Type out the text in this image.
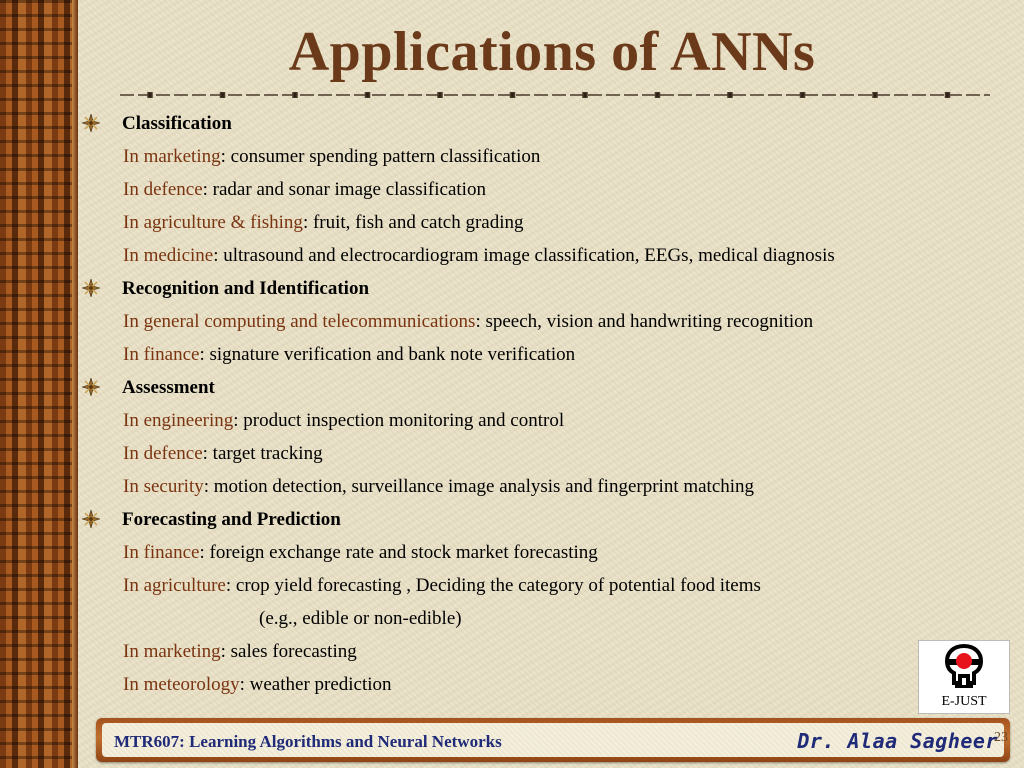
Applications of ANNs
Classification
In marketing: consumer spending pattern classification
In defence: radar and sonar image classification
In agriculture & fishing: fruit, fish and catch grading
In medicine: ultrasound and electrocardiogram image classification, EEGs, medical diagnosis
Recognition and Identification
In general computing and telecommunications: speech, vision and handwriting recognition
In finance: signature verification and bank note verification
Assessment
In engineering: product inspection monitoring and control
In defence: target tracking
In security: motion detection, surveillance image analysis and fingerprint matching
Forecasting and Prediction
In finance: foreign exchange rate and stock market forecasting
In agriculture: crop yield forecasting , Deciding the category of potential food items
(e.g., edible or non-edible)
In marketing: sales forecasting
In meteorology: weather prediction
E-JUST
MTR607: Learning Algorithms and Neural Networks	Dr. Alaa Sagheer
23
